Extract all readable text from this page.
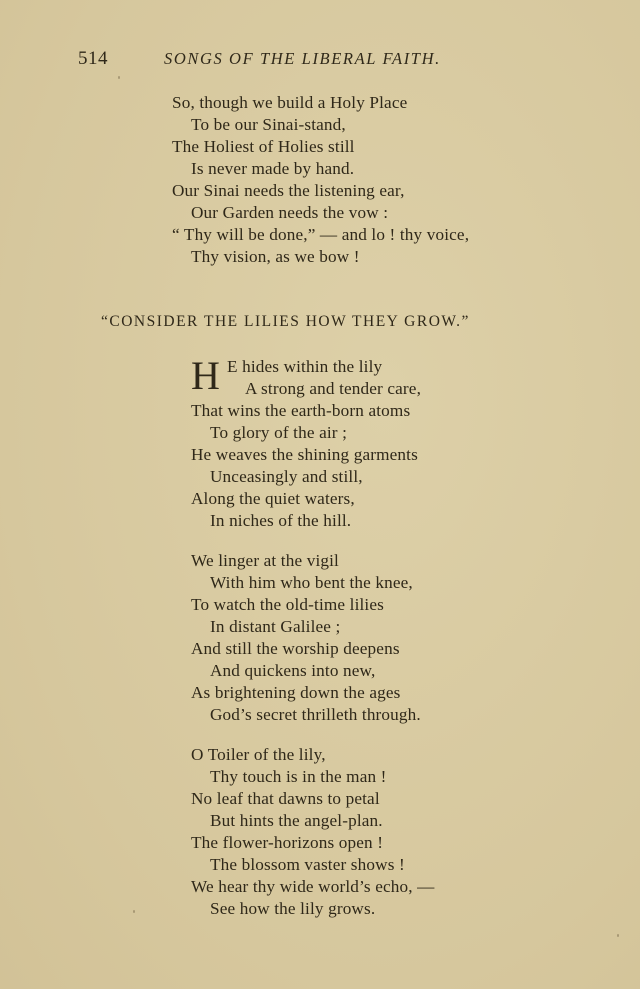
514	SONGS OF THE LIBERAL FAITH.
So, though we build a Holy Place
To be our Sinai-stand,
The Holiest of Holies still
Is never made by hand.
Our Sinai needs the listening ear,
Our Garden needs the vow :
“ Thy will be done,” — and lo ! thy voice,
Thy vision, as we bow !
“CONSIDER THE LILIES HOW THEY GROW.”
H E hides within the lily
A strong and tender care,
That wins the earth-born atoms
To glory of the air ;
He weaves the shining garments
Unceasingly and still,
Along the quiet waters,
In niches of the hill.
We linger at the vigil
With him who bent the knee,
To watch the old-time lilies
In distant Galilee ;
And still the worship deepens
And quickens into new,
As brightening down the ages
God’s secret thrilleth through.
O Toiler of the lily,
Thy touch is in the man !
No leaf that dawns to petal
But hints the angel-plan.
The flower-horizons open !
The blossom vaster shows !
We hear thy wide world’s echo, —
See how the lily grows.
